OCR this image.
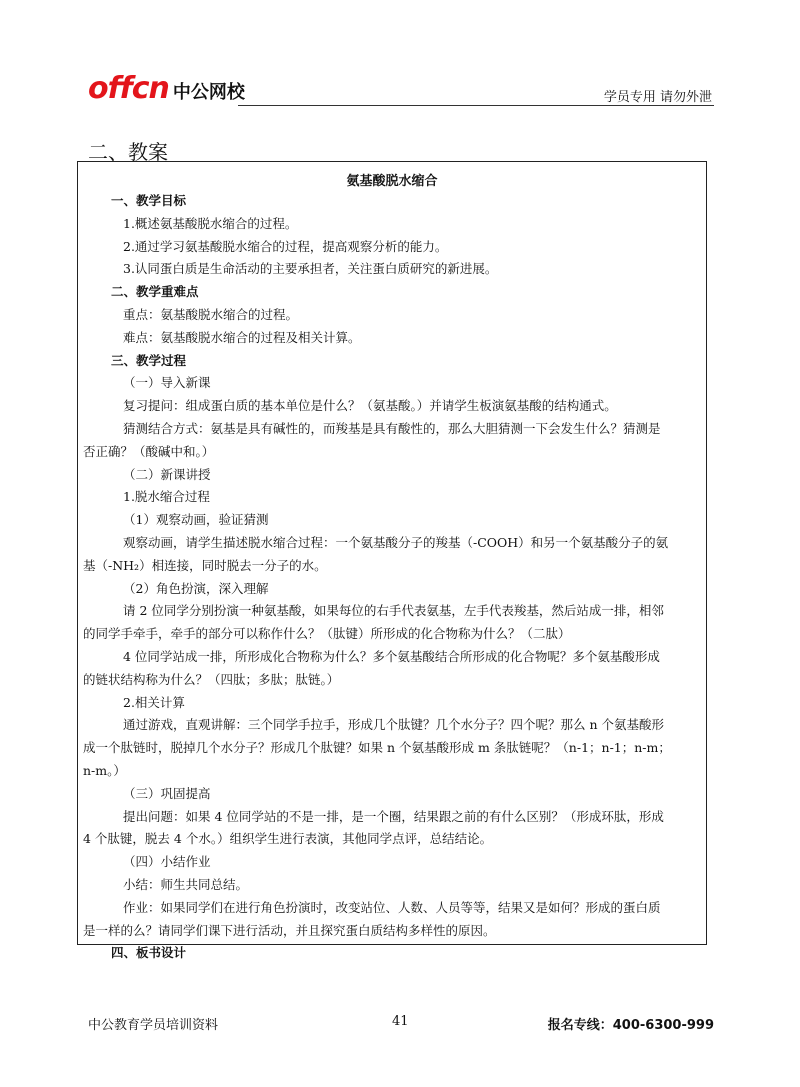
offcn 中公网校	学员专用 请勿外泄
二、教案
氨基酸脱水缩合
一、教学目标
1.概述氨基酸脱水缩合的过程。
2.通过学习氨基酸脱水缩合的过程，提高观察分析的能力。
3.认同蛋白质是生命活动的主要承担者，关注蛋白质研究的新进展。
二、教学重难点
重点：氨基酸脱水缩合的过程。
难点：氨基酸脱水缩合的过程及相关计算。
三、教学过程
（一）导入新课
复习提问：组成蛋白质的基本单位是什么？（氨基酸。）并请学生板演氨基酸的结构通式。
猜测结合方式：氨基是具有碱性的，而羧基是具有酸性的，那么大胆猜测一下会发生什么？猜测是
否正确？（酸碱中和。）
（二）新课讲授
1.脱水缩合过程
（1）观察动画，验证猜测
观察动画，请学生描述脱水缩合过程：一个氨基酸分子的羧基（-COOH）和另一个氨基酸分子的氨
基（-NH₂）相连接，同时脱去一分子的水。
（2）角色扮演，深入理解
请 2 位同学分别扮演一种氨基酸，如果每位的右手代表氨基，左手代表羧基，然后站成一排，相邻
的同学手牵手，牵手的部分可以称作什么？（肽键）所形成的化合物称为什么？（二肽）
4 位同学站成一排，所形成化合物称为什么？多个氨基酸结合所形成的化合物呢？多个氨基酸形成
的链状结构称为什么？（四肽；多肽；肽链。）
2.相关计算
通过游戏，直观讲解：三个同学手拉手，形成几个肽键？几个水分子？四个呢？那么 n 个氨基酸形
成一个肽链时，脱掉几个水分子？形成几个肽键？如果 n 个氨基酸形成 m 条肽链呢？（n-1；n-1；n-m；
n-m。）
（三）巩固提高
提出问题：如果 4 位同学站的不是一排，是一个圈，结果跟之前的有什么区别？（形成环肽，形成
4 个肽键，脱去 4 个水。）组织学生进行表演，其他同学点评，总结结论。
（四）小结作业
小结：师生共同总结。
作业：如果同学们在进行角色扮演时，改变站位、人数、人员等等，结果又是如何？形成的蛋白质
是一样的么？请同学们课下进行活动，并且探究蛋白质结构多样性的原因。
四、板书设计
中公教育学员培训资料	41	报名专线：400-6300-999
